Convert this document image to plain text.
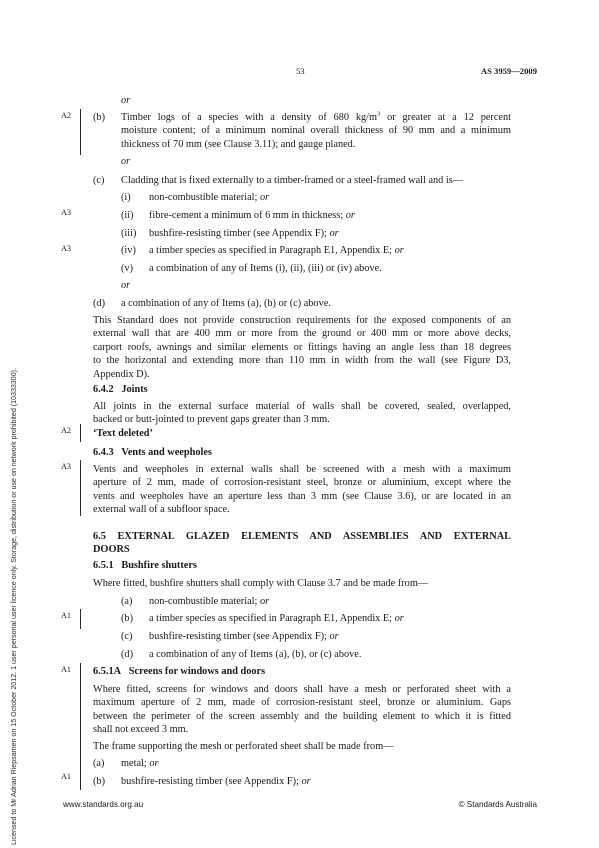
53	AS 3959—2009
Licensed to Mr Adrian Riepsamen on 15 October 2012. 1 user personal user licence only. Storage, distribution or use on network prohibited (10333300).
A2
A3
A3
A2
A3
A1
A1
A1
or
(b) Timber logs of a species with a density of 680 $kg/m^3$ or greater at a 12 percent
moisture content; of a minimum nominal overall thickness of 90 mm and a minimum
thickness of 70 mm (see Clause 3.11); and gauge planed.
or
(c) Cladding that is fixed externally to a timber-framed or a steel-framed wall and is—
(i) non-combustible material; or
(ii) fibre-cement a minimum of 6 mm in thickness; or
(iii) bushfire-resisting timber (see Appendix F); or
(iv) a timber species as specified in Paragraph E1, Appendix E; or
(v) a combination of any of Items (i), (ii), (iii) or (iv) above.
or
(d) a combination of any of Items (a), (b) or (c) above.
This Standard does not provide construction requirements for the exposed components of an
external wall that are 400 mm or more from the ground or 400 mm or more above decks,
carport roofs, awnings and similar elements or fittings having an angle less than 18 degrees
to the horizontal and extending more than 110 mm in width from the wall (see Figure D3,
Appendix D).
6.4.2 Joints
All joints in the external surface material of walls shall be covered, sealed, overlapped,
backed or butt-jointed to prevent gaps greater than 3 mm.
‘Text deleted’
6.4.3 Vents and weepholes
Vents and weepholes in external walls shall be screened with a mesh with a maximum
aperture of 2 mm, made of corrosion-resistant steel, bronze or aluminium, except where the
vents and weepholes have an aperture less than 3 mm (see Clause 3.6), or are located in an
external wall of a subfloor space.
6.5 EXTERNAL GLAZED ELEMENTS AND ASSEMBLIES AND EXTERNAL
DOORS
6.5.1 Bushfire shutters
Where fitted, bushfire shutters shall comply with Clause 3.7 and be made from—
(a) non-combustible material; or
(b) a timber species as specified in Paragraph E1, Appendix E; or
(c) bushfire-resisting timber (see Appendix F); or
(d) a combination of any of Items (a), (b), or (c) above.
6.5.1A Screens for windows and doors
Where fitted, screens for windows and doors shall have a mesh or perforated sheet with a
maximum aperture of 2 mm, made of corrosion-resistant steel, bronze or aluminium. Gaps
between the perimeter of the screen assembly and the building element to which it is fitted
shall not exceed 3 mm.
The frame supporting the mesh or perforated sheet shall be made from—
(a) metal; or
(b) bushfire-resisting timber (see Appendix F); or
www.standards.org.au	© Standards Australia
